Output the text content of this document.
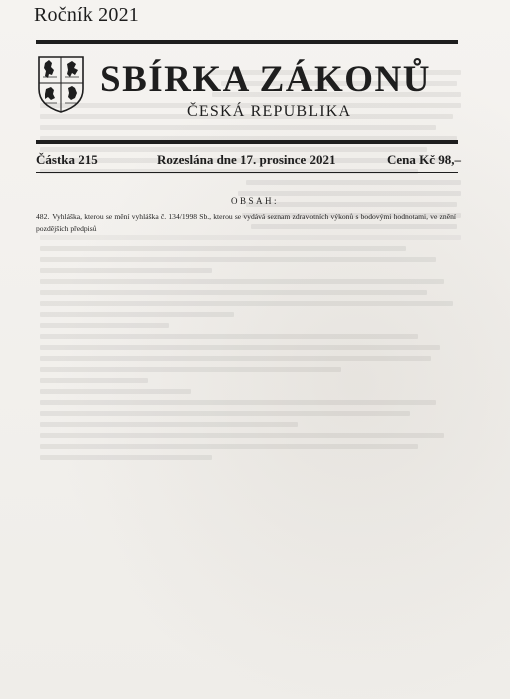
Ročník 2021
SBÍRKA ZÁKONŮ
ČESKÁ REPUBLIKA
Částka 215	Rozeslána dne 17. prosince 2021	Cena Kč 98,–
OBSAH:
482. Vyhláška, kterou se mění vyhláška č. 134/1998 Sb., kterou se vydává seznam zdravotních výkonů s bodovými hodnotami, ve znění pozdějších předpisů
